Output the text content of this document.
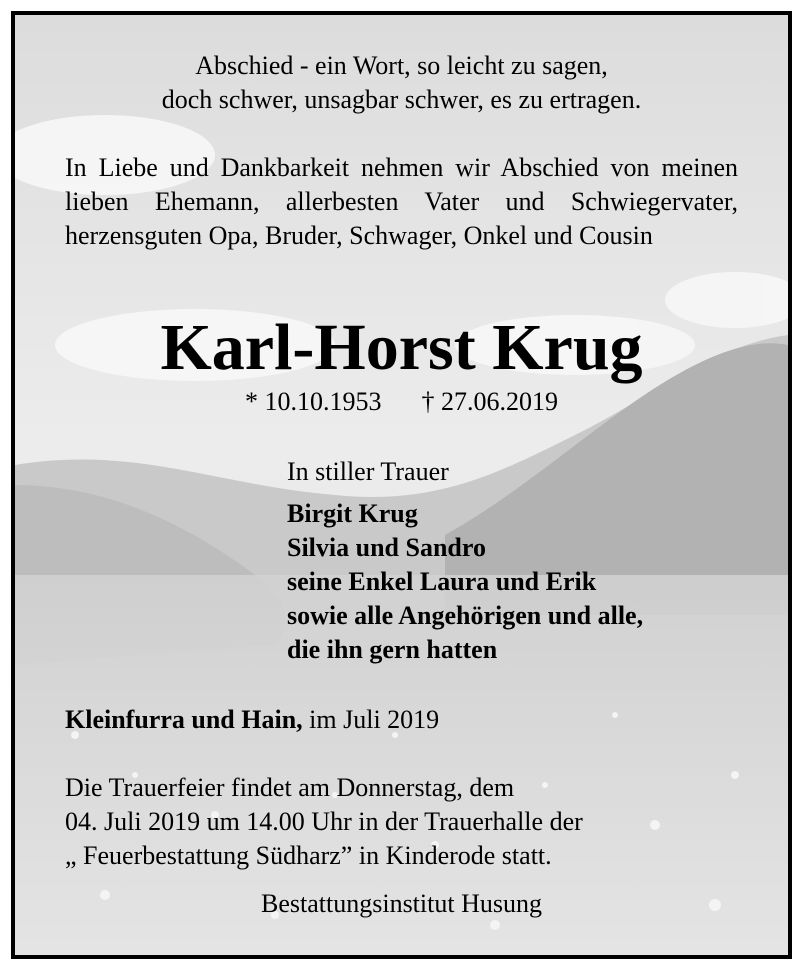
Abschied - ein Wort, so leicht zu sagen,
doch schwer, unsagbar schwer, es zu ertragen.
In Liebe und Dankbarkeit nehmen wir Abschied von meinen lieben Ehemann, allerbesten Vater und Schwiegervater, herzensguten Opa, Bruder, Schwager, Onkel und Cousin
Karl-Horst Krug
* 10.10.1953 † 27.06.2019
In stiller Trauer
Birgit Krug
Silvia und Sandro
seine Enkel Laura und Erik
sowie alle Angehörigen und alle,
die ihn gern hatten
Kleinfurra und Hain, im Juli 2019
Die Trauerfeier findet am Donnerstag, dem
04. Juli 2019 um 14.00 Uhr in der Trauerhalle der
„ Feuerbestattung Südharz” in Kinderode statt.
Bestattungsinstitut Husung
